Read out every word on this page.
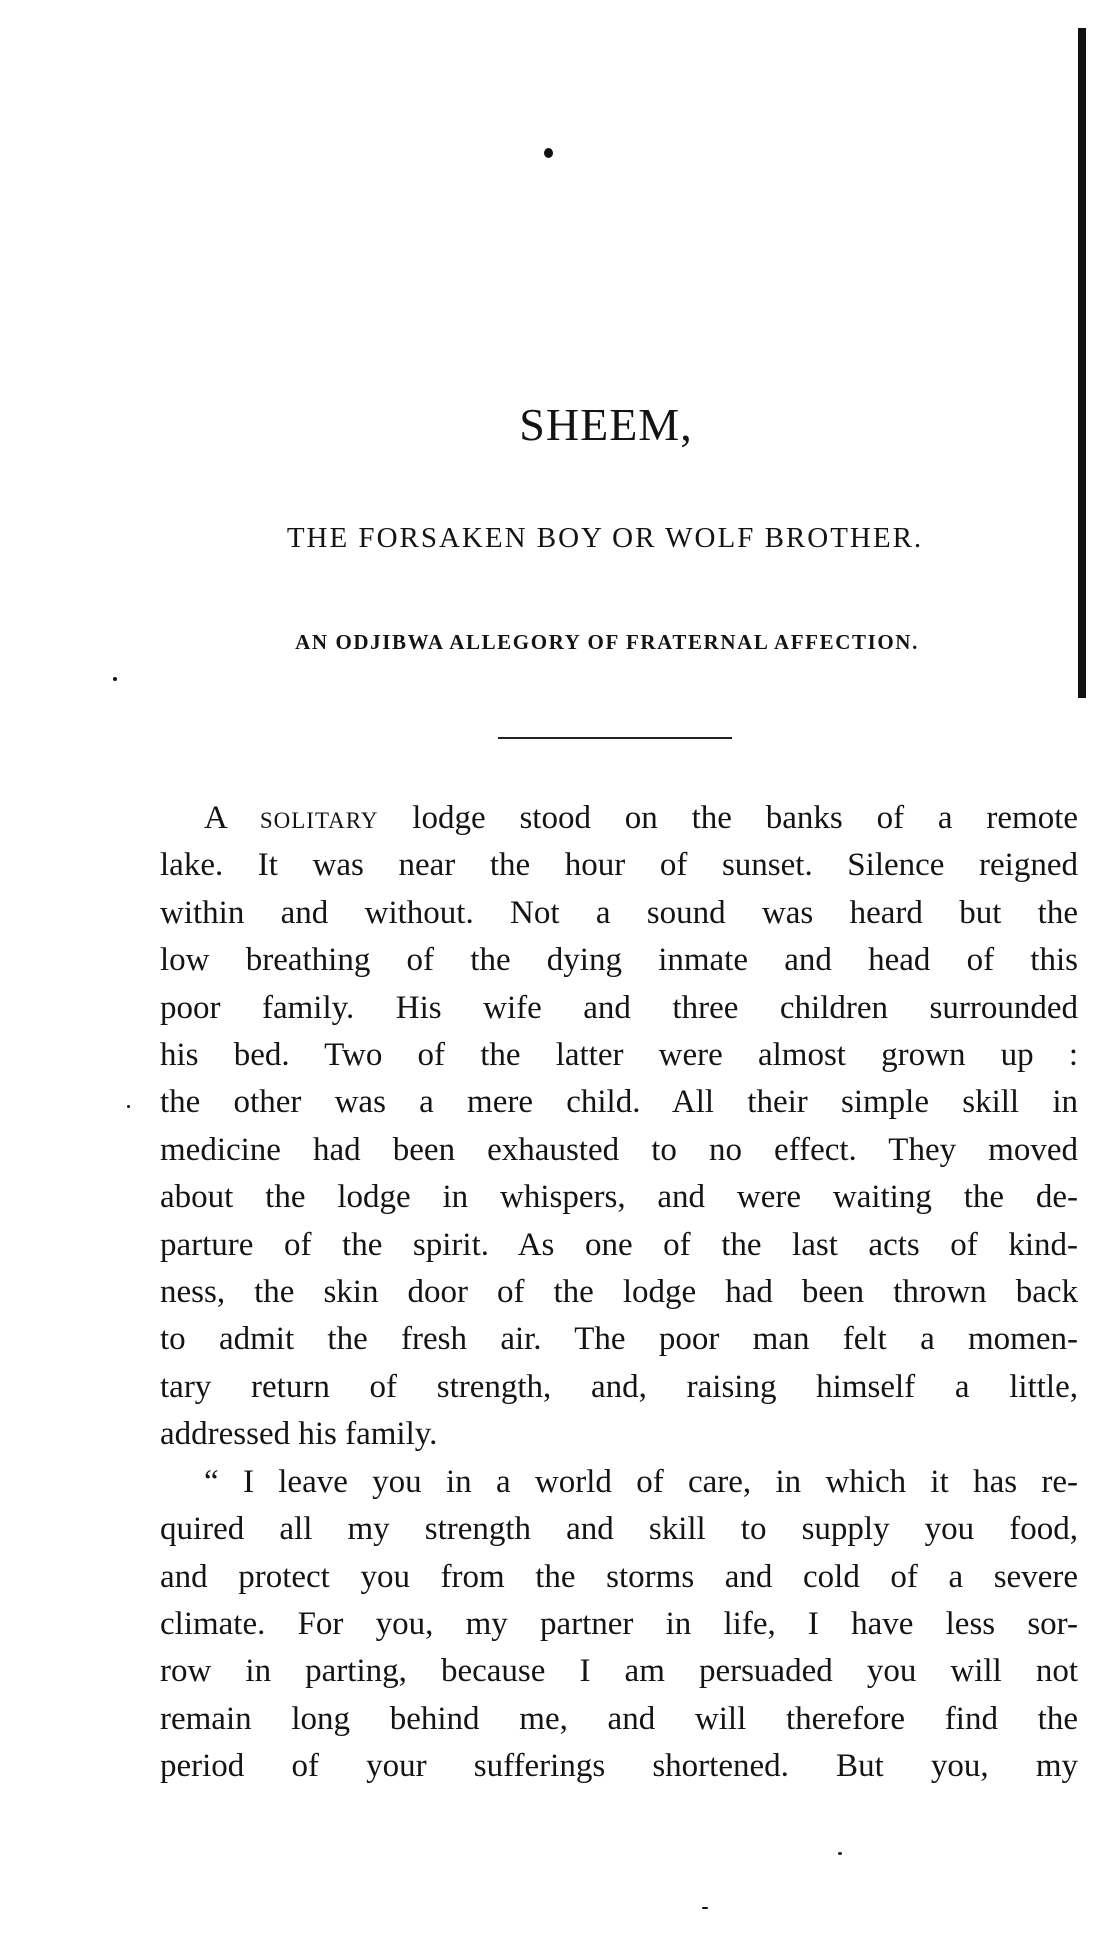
SHEEM,
THE FORSAKEN BOY OR WOLF BROTHER.
AN ODJIBWA ALLEGORY OF FRATERNAL AFFECTION.

A solitary lodge stood on the banks of a remote
lake. It was near the hour of sunset. Silence reigned
within and without. Not a sound was heard but the
low breathing of the dying inmate and head of this
poor family. His wife and three children surrounded
his bed. Two of the latter were almost grown up :
the other was a mere child. All their simple skill in
medicine had been exhausted to no effect. They moved
about the lodge in whispers, and were waiting the de-
parture of the spirit. As one of the last acts of kind-
ness, the skin door of the lodge had been thrown back
to admit the fresh air. The poor man felt a momen-
tary return of strength, and, raising himself a little,
addressed his family.

“ I leave you in a world of care, in which it has re-
quired all my strength and skill to supply you food,
and protect you from the storms and cold of a severe
climate. For you, my partner in life, I have less sor-
row in parting, because I am persuaded you will not
remain long behind me, and will therefore find the
period of your sufferings shortened. But you, my
